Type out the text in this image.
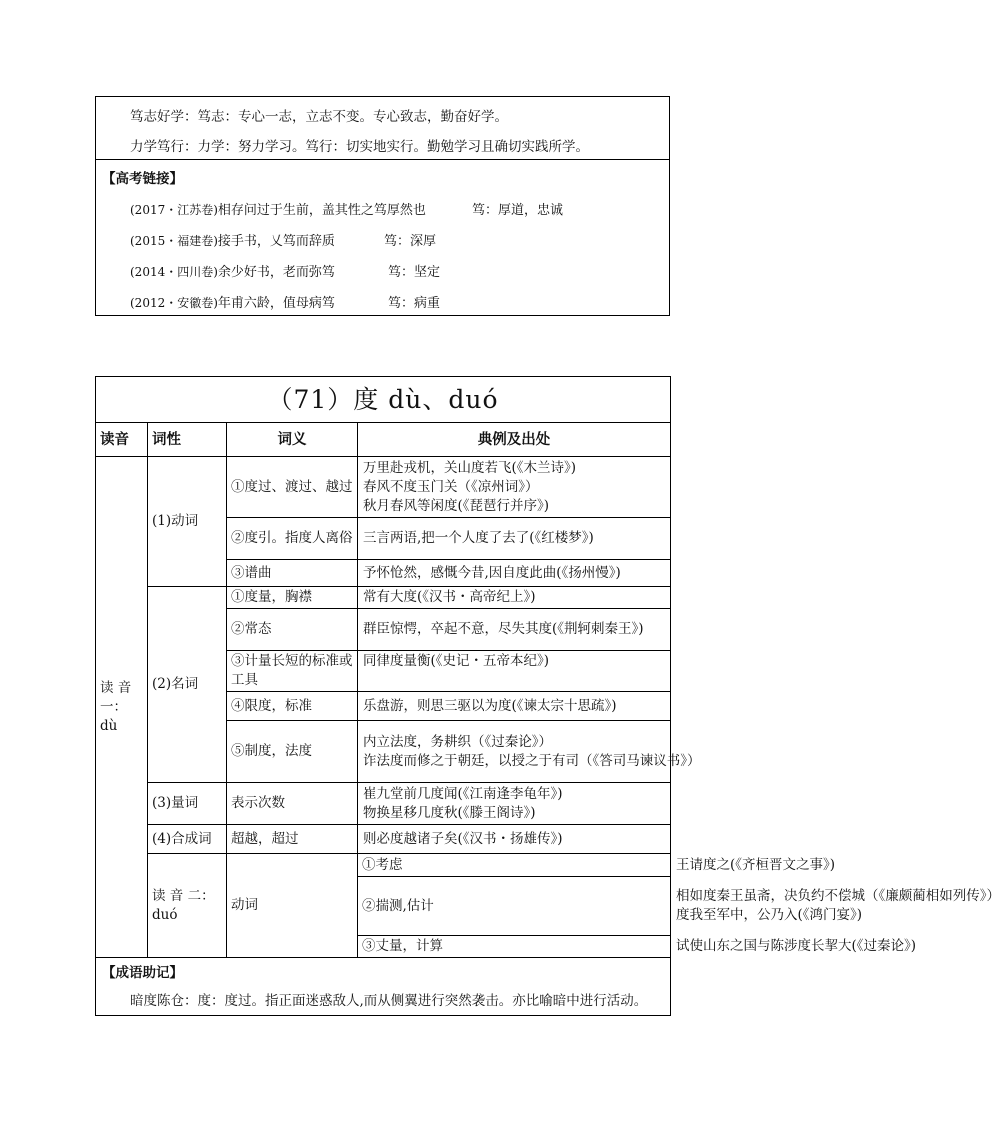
笃志好学：笃志：专心一志，立志不变。专心致志，勤奋好学。
力学笃行：力学：努力学习。笃行：切实地实行。勤勉学习且确切实践所学。
【高考链接】
(2017・江苏卷)相存问过于生前，盖其性之笃厚然也	笃：厚道，忠诚
(2015・福建卷)接手书，乂笃而辞质	笃：深厚
(2014・四川卷)余少好书，老而弥笃	笃：坚定
(2012・安徽卷)年甫六龄，值母病笃	笃：病重
（71）度 dù、duó				
读音	词性	词义	典例及出处	
读 音 一：dù	(1)动词	①度过、渡过、越过	万里赴戎机，关山度若飞(《木兰诗》)
春风不度玉门关（《凉州词》）
秋月春风等闲度(《琵琶行并序》)	

		②度引。指度人离俗	三言两语,把一个人度了去了(《红楼梦》)	

		③谱曲	予怀怆然，感慨今昔,因自度此曲(《扬州慢》)	

	(2)名词	①度量，胸襟	常有大度(《汉书・高帝纪上》)	

		②常态	群臣惊愕，卒起不意，尽失其度(《荆轲刺秦王》)	

		③计量长短的标准或工具	同律度量衡(《史记・五帝本纪》)	

		④限度，标准	乐盘游，则思三驱以为度(《谏太宗十思疏》)	

		⑤制度，法度	内立法度，务耕织（《过秦论》）
诈法度而修之于朝廷，以授之于有司（《答司马谏议书》）	

	(3)量词	表示次数	崔九堂前几度闻(《江南逢李龟年》)
物换星移几度秋(《滕王阁诗》)	

	(4)合成词	超越，超过	则必度越诸子矣(《汉书・扬雄传》)	

	读 音 二：duó	动词	①考虑	王请度之(《齐桓晋文之事》)

			②揣测,估计	相如度秦王虽斋，决负约不偿城（《廉颇蔺相如列传》）
度我至军中，公乃入(《鸿门宴》)

			③丈量，计算	试使山东之国与陈涉度长挈大(《过秦论》)

【成语助记】
暗度陈仓：度：度过。指正面迷惑敌人,而从侧翼进行突然袭击。亦比喻暗中进行活动。				
